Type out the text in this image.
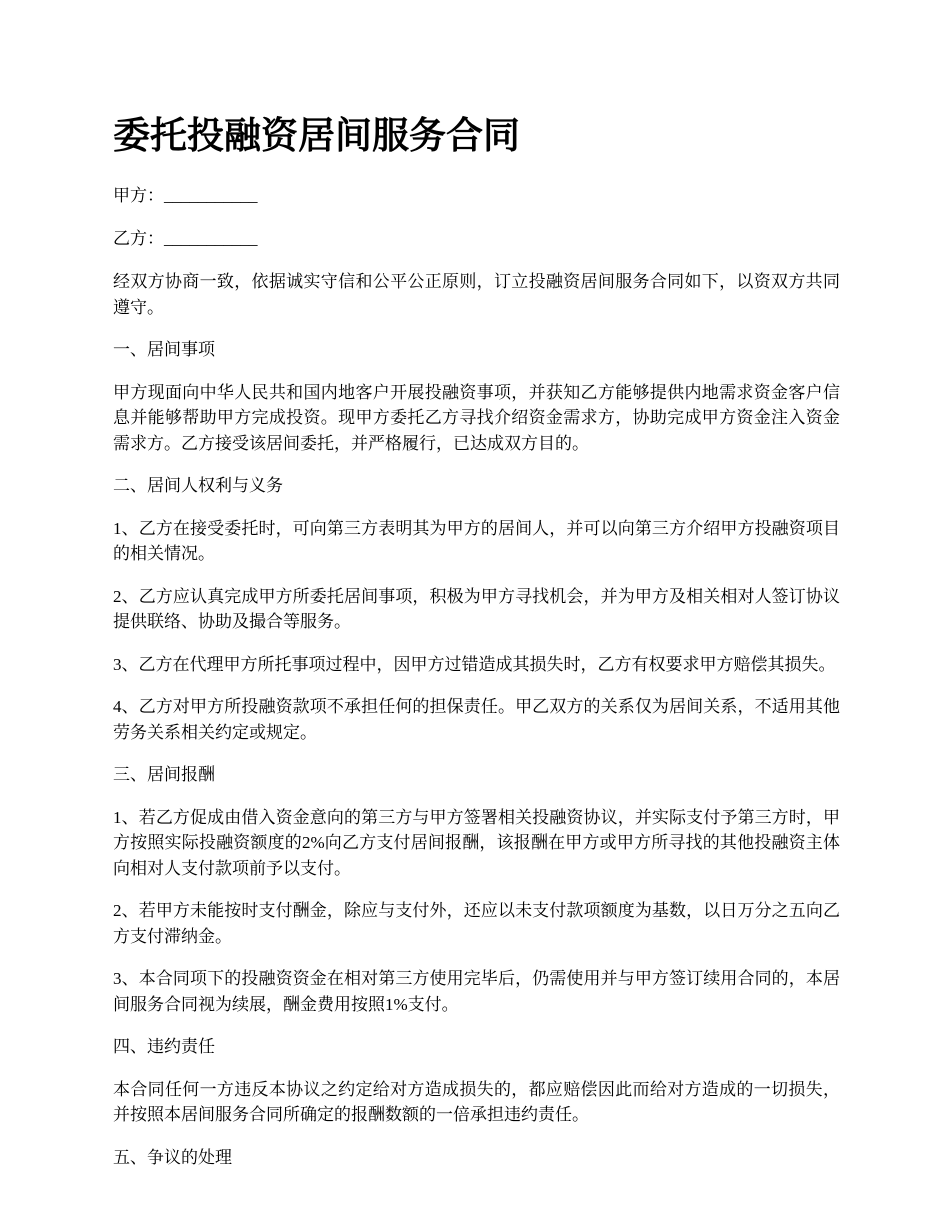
委托投融资居间服务合同

甲方：___________

乙方：___________

经双方协商一致，依据诚实守信和公平公正原则，订立投融资居间服务合同如下，以资双方共同遵守。

一、居间事项

甲方现面向中华人民共和国内地客户开展投融资事项，并获知乙方能够提供内地需求资金客户信息并能够帮助甲方完成投资。现甲方委托乙方寻找介绍资金需求方，协助完成甲方资金注入资金需求方。乙方接受该居间委托，并严格履行，已达成双方目的。

二、居间人权利与义务

1、乙方在接受委托时，可向第三方表明其为甲方的居间人，并可以向第三方介绍甲方投融资项目的相关情况。

2、乙方应认真完成甲方所委托居间事项，积极为甲方寻找机会，并为甲方及相关相对人签订协议提供联络、协助及撮合等服务。

3、乙方在代理甲方所托事项过程中，因甲方过错造成其损失时，乙方有权要求甲方赔偿其损失。

4、乙方对甲方所投融资款项不承担任何的担保责任。甲乙双方的关系仅为居间关系，不适用其他劳务关系相关约定或规定。

三、居间报酬

1、若乙方促成由借入资金意向的第三方与甲方签署相关投融资协议，并实际支付予第三方时，甲方按照实际投融资额度的2%向乙方支付居间报酬，该报酬在甲方或甲方所寻找的其他投融资主体向相对人支付款项前予以支付。

2、若甲方未能按时支付酬金，除应与支付外，还应以未支付款项额度为基数，以日万分之五向乙方支付滞纳金。

3、本合同项下的投融资资金在相对第三方使用完毕后，仍需使用并与甲方签订续用合同的，本居间服务合同视为续展，酬金费用按照1%支付。

四、违约责任

本合同任何一方违反本协议之约定给对方造成损失的，都应赔偿因此而给对方造成的一切损失，并按照本居间服务合同所确定的报酬数额的一倍承担违约责任。

五、争议的处理
